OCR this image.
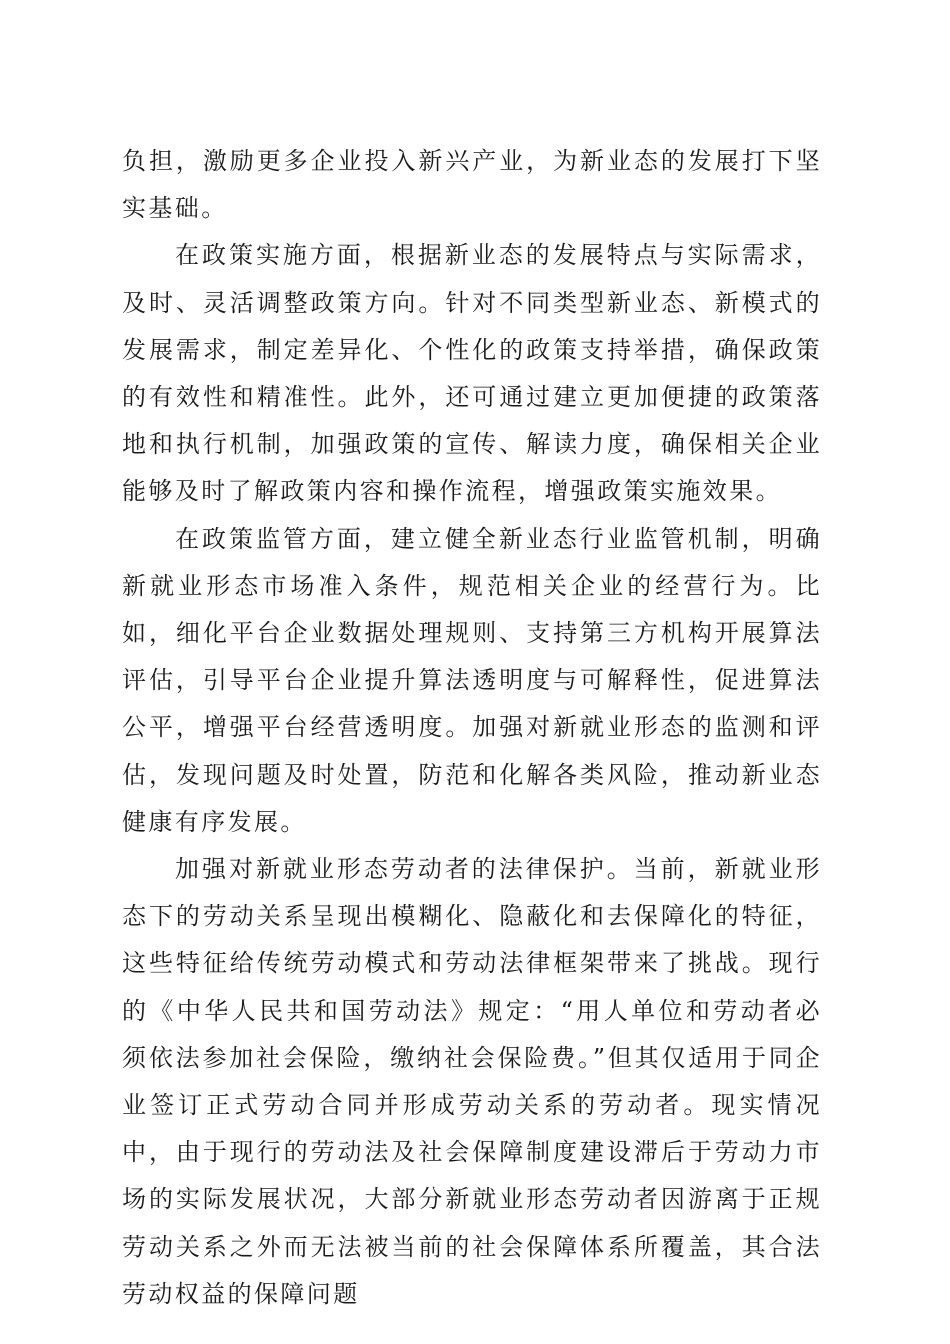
负担，激励更多企业投入新兴产业，为新业态的发展打下坚实基础。

在政策实施方面，根据新业态的发展特点与实际需求，及时、灵活调整政策方向。针对不同类型新业态、新模式的发展需求，制定差异化、个性化的政策支持举措，确保政策的有效性和精准性。此外，还可通过建立更加便捷的政策落地和执行机制，加强政策的宣传、解读力度，确保相关企业能够及时了解政策内容和操作流程，增强政策实施效果。

在政策监管方面，建立健全新业态行业监管机制，明确新就业形态市场准入条件，规范相关企业的经营行为。比如，细化平台企业数据处理规则、支持第三方机构开展算法评估，引导平台企业提升算法透明度与可解释性，促进算法公平，增强平台经营透明度。加强对新就业形态的监测和评估，发现问题及时处置，防范和化解各类风险，推动新业态健康有序发展。

加强对新就业形态劳动者的法律保护。当前，新就业形态下的劳动关系呈现出模糊化、隐蔽化和去保障化的特征，这些特征给传统劳动模式和劳动法律框架带来了挑战。现行的《中华人民共和国劳动法》规定：“用人单位和劳动者必须依法参加社会保险，缴纳社会保险费。”但其仅适用于同企业签订正式劳动合同并形成劳动关系的劳动者。现实情况中，由于现行的劳动法及社会保障制度建设滞后于劳动力市场的实际发展状况，大部分新就业形态劳动者因游离于正规劳动关系之外而无法被当前的社会保障体系所覆盖，其合法劳动权益的保障问题
